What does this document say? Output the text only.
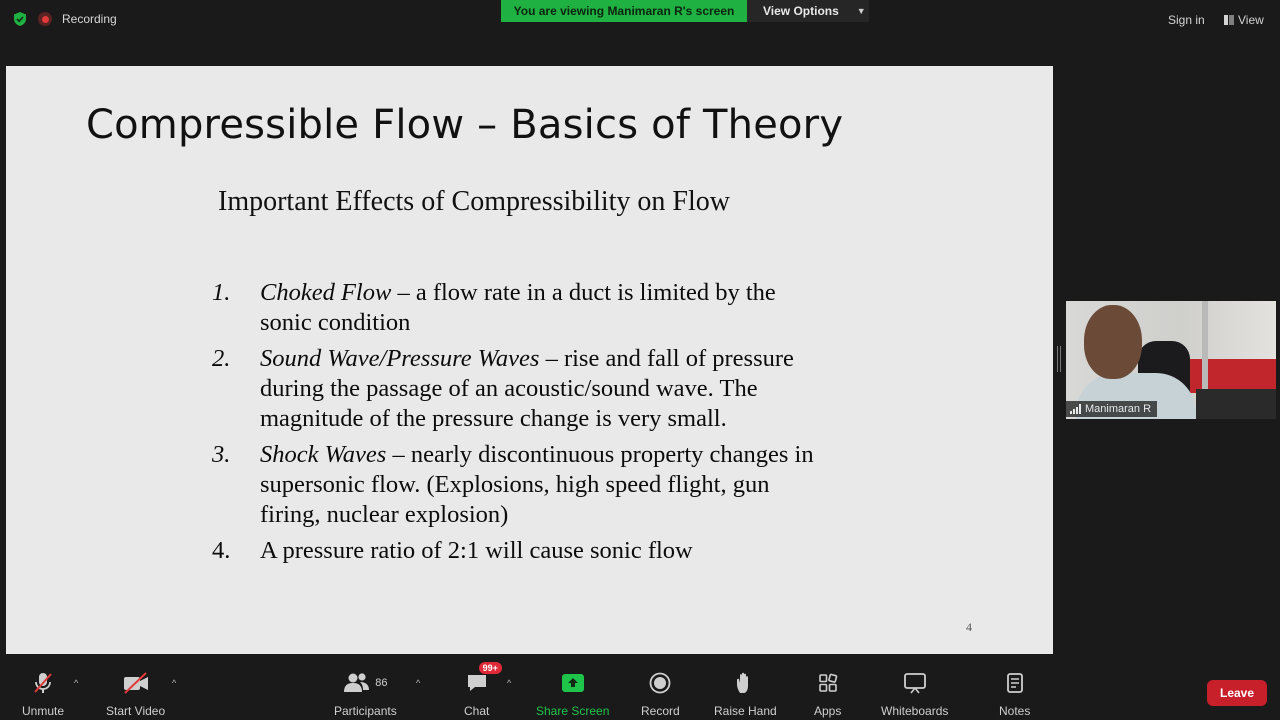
Recording
You are viewing
Manimaran R's screen View Options ▼
Sign in	View
Compressible Flow – Basics of Theory
Important Effects of Compressibility on Flow
1.	Choked Flow – a flow rate in a duct is limited by the sonic condition
2.	Sound Wave/Pressure Waves – rise and fall of pressure during the passage of an acoustic/sound wave. The magnitude of the pressure change is very small.
3.	Shock Waves – nearly discontinuous property changes in supersonic flow. (Explosions, high speed flight, gun firing, nuclear explosion)
4.	A pressure ratio of 2:1 will cause sonic flow
4
Manimaran R
Unmute
^
Start Video
^	86
Participants
^
99+
Chat
^
Share Screen	Record	Raise Hand	Apps	Whiteboards	Notes
Leave
